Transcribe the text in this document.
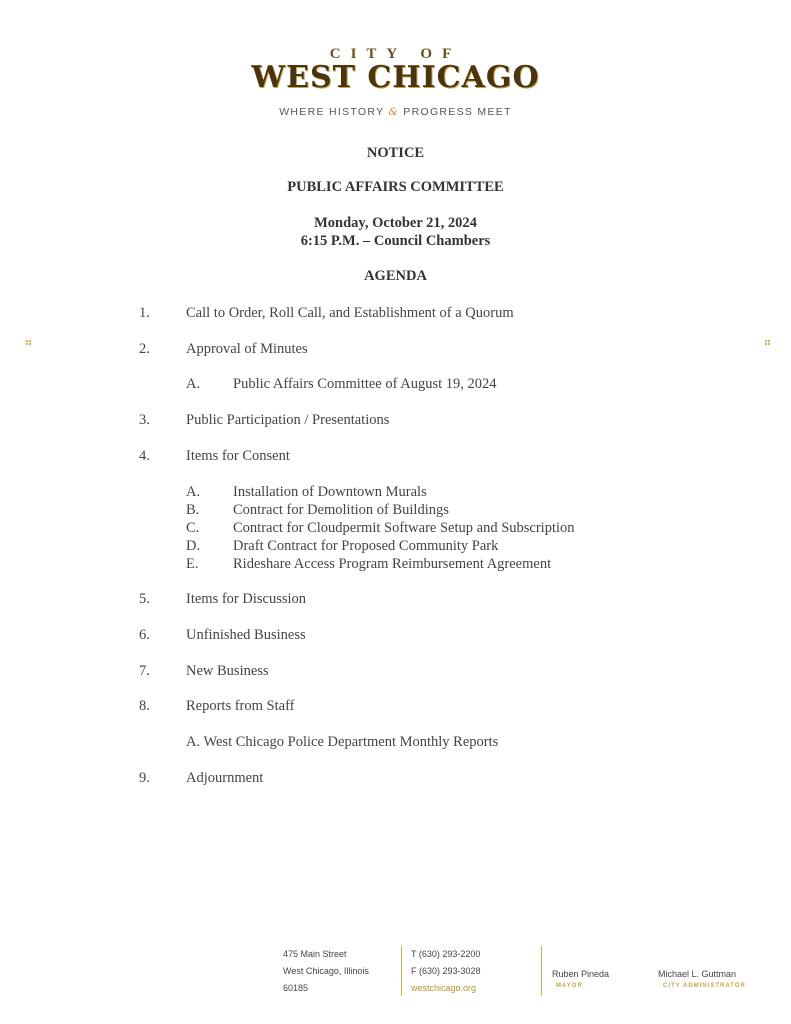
CITY OF
WEST CHICAGO
WHERE HISTORY & PROGRESS MEET
NOTICE
PUBLIC AFFAIRS COMMITTEE
Monday, October 21, 2024
6:15 P.M. – Council Chambers
AGENDA
1. Call to Order, Roll Call, and Establishment of a Quorum
2. Approval of Minutes
A. Public Affairs Committee of August 19, 2024
3. Public Participation / Presentations
4. Items for Consent
A. Installation of Downtown Murals
B. Contract for Demolition of Buildings
C. Contract for Cloudpermit Software Setup and Subscription
D. Draft Contract for Proposed Community Park
E. Rideshare Access Program Reimbursement Agreement
5. Items for Discussion
6. Unfinished Business
7. New Business
8. Reports from Staff
A. West Chicago Police Department Monthly Reports
9. Adjournment
475 Main Street
West Chicago, Illinois
60185
T (630) 293-2200
F (630) 293-3028
westchicago.org
Ruben Pineda
MAYOR
Michael L. Guttman
CITY ADMINISTRATOR
